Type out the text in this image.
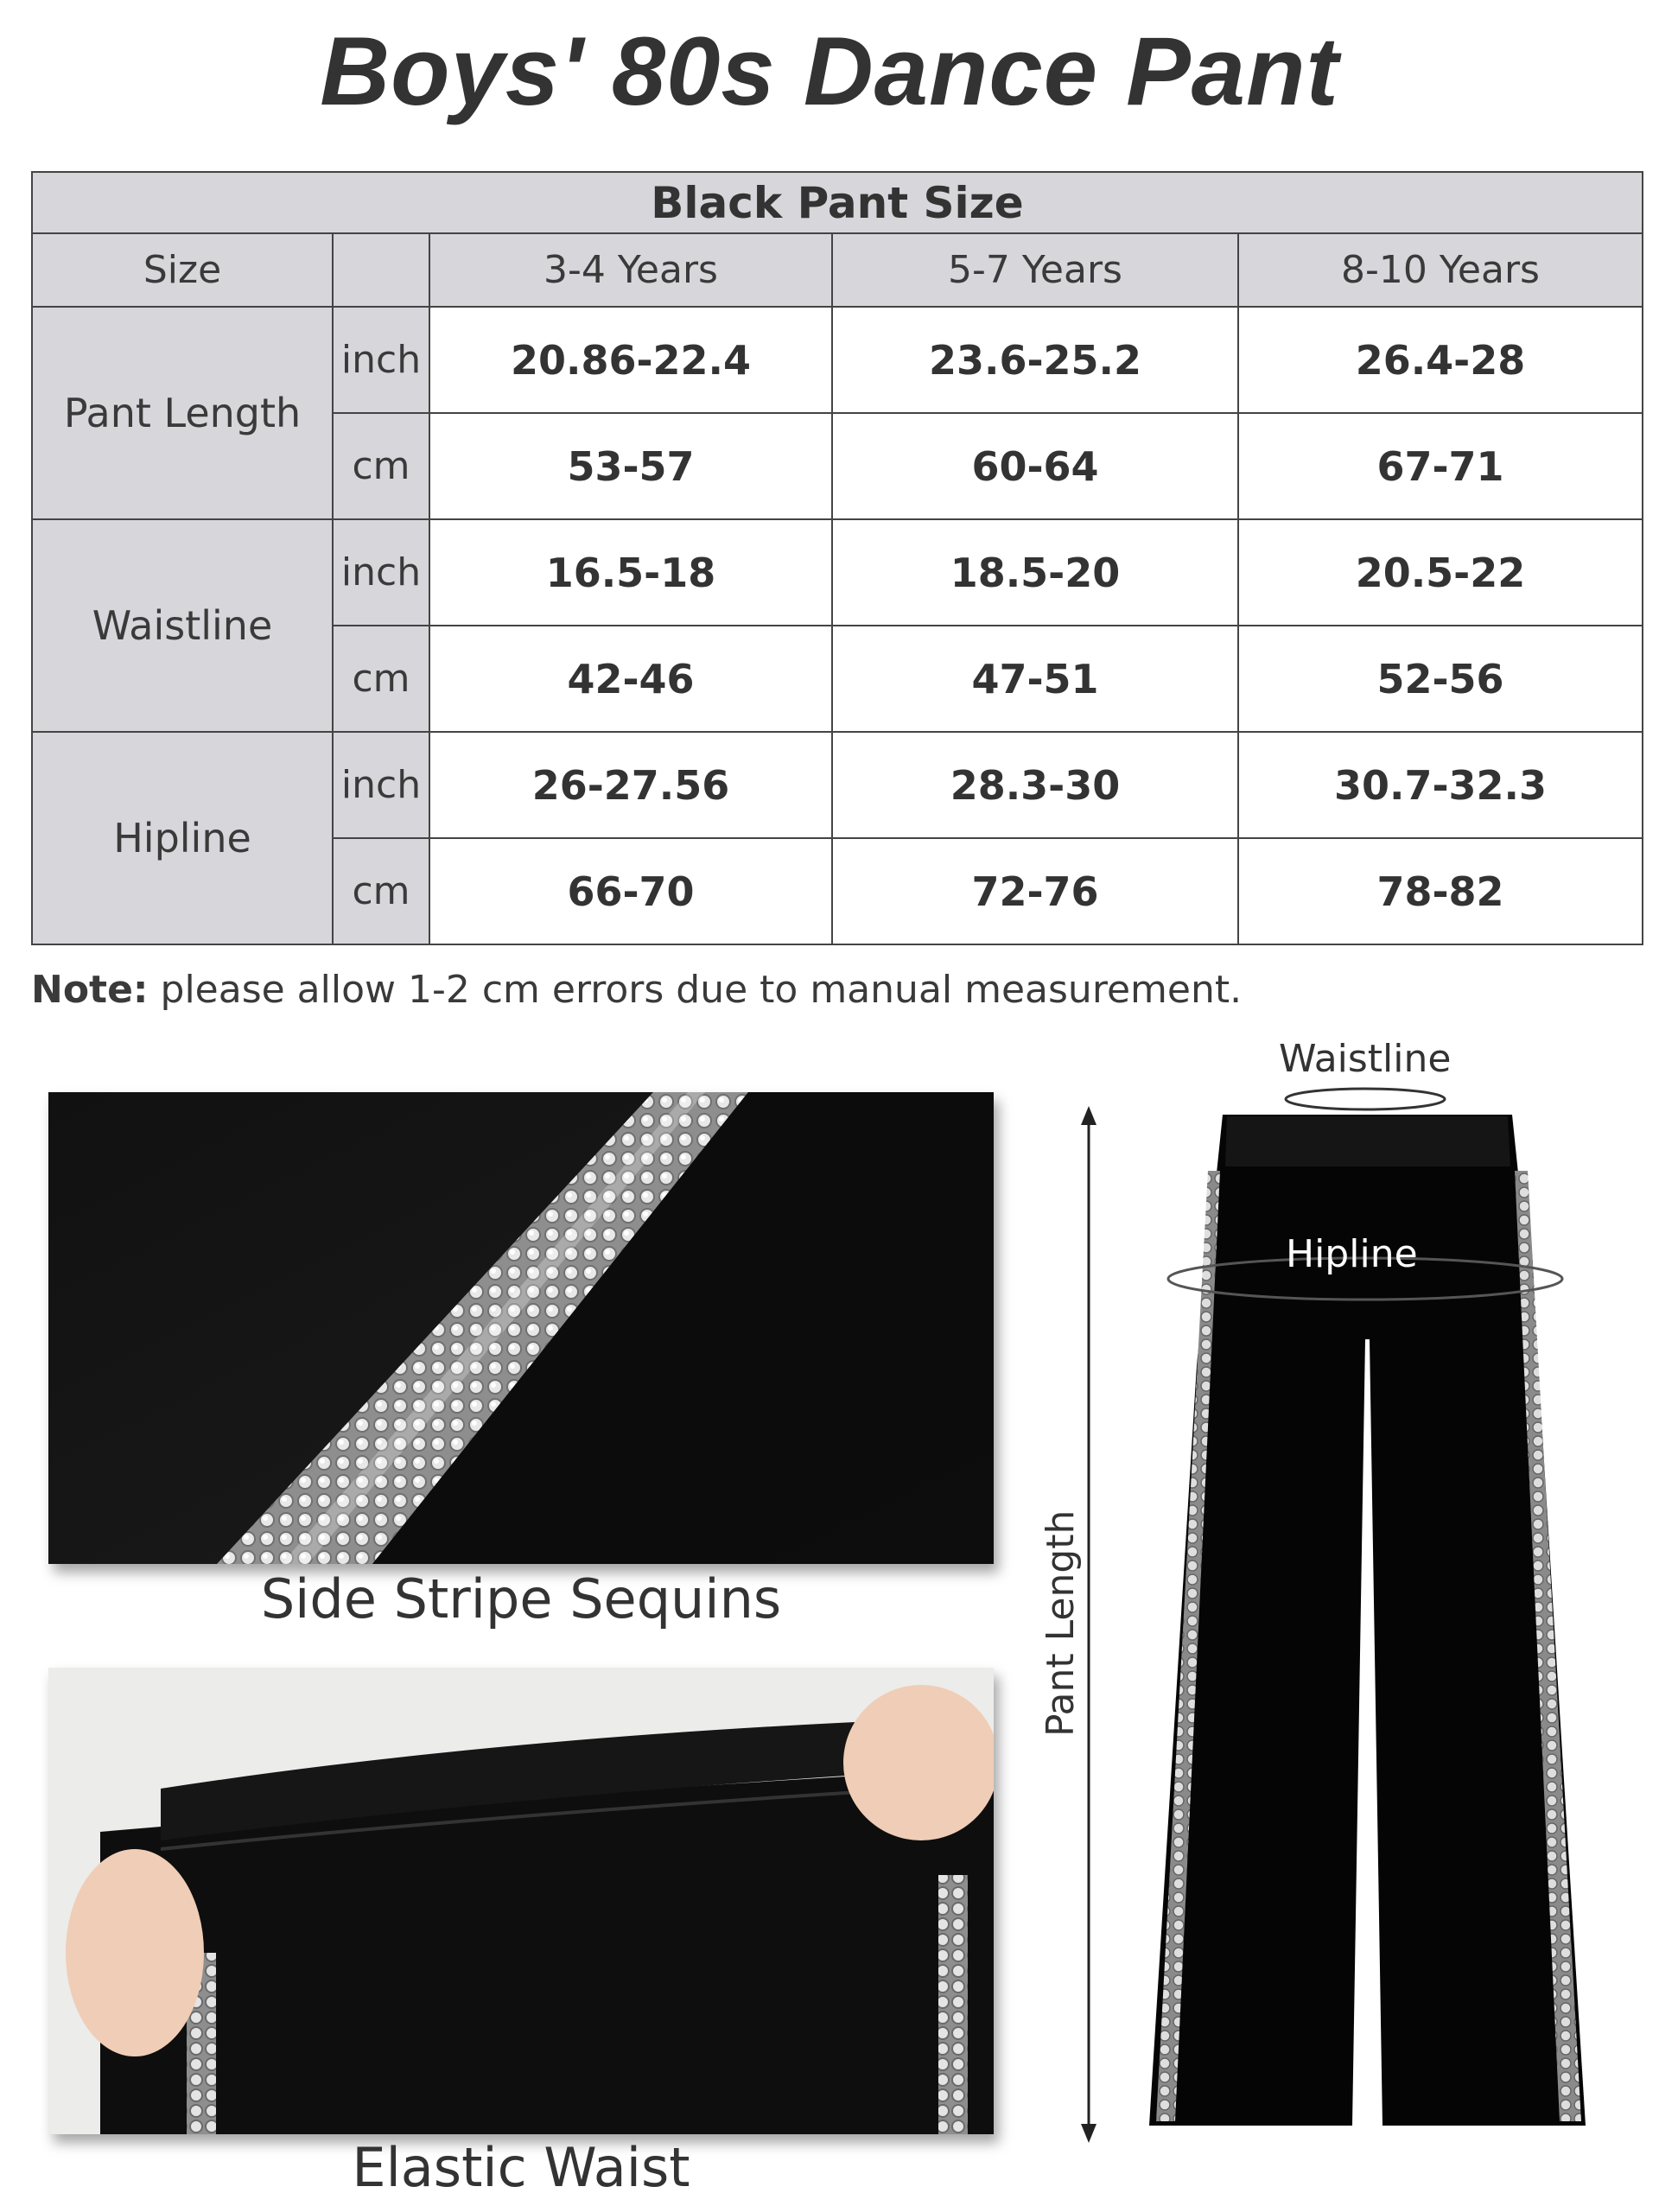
Boys' 80s Dance Pant
Black Pant Size				
Size		3-4 Years	5-7 Years	8-10 Years
Pant Length	inch	20.86-22.4	23.6-25.2	26.4-28
	cm	53-57	60-64	67-71
Waistline	inch	16.5-18	18.5-20	20.5-22
	cm	42-46	47-51	52-56
Hipline	inch	26-27.56	28.3-30	30.7-32.3
	cm	66-70	72-76	78-82
Note: please allow 1-2 cm errors due to manual measurement.
Side Stripe Sequins
Elastic Waist
Waistline
Hipline
Pant Length
